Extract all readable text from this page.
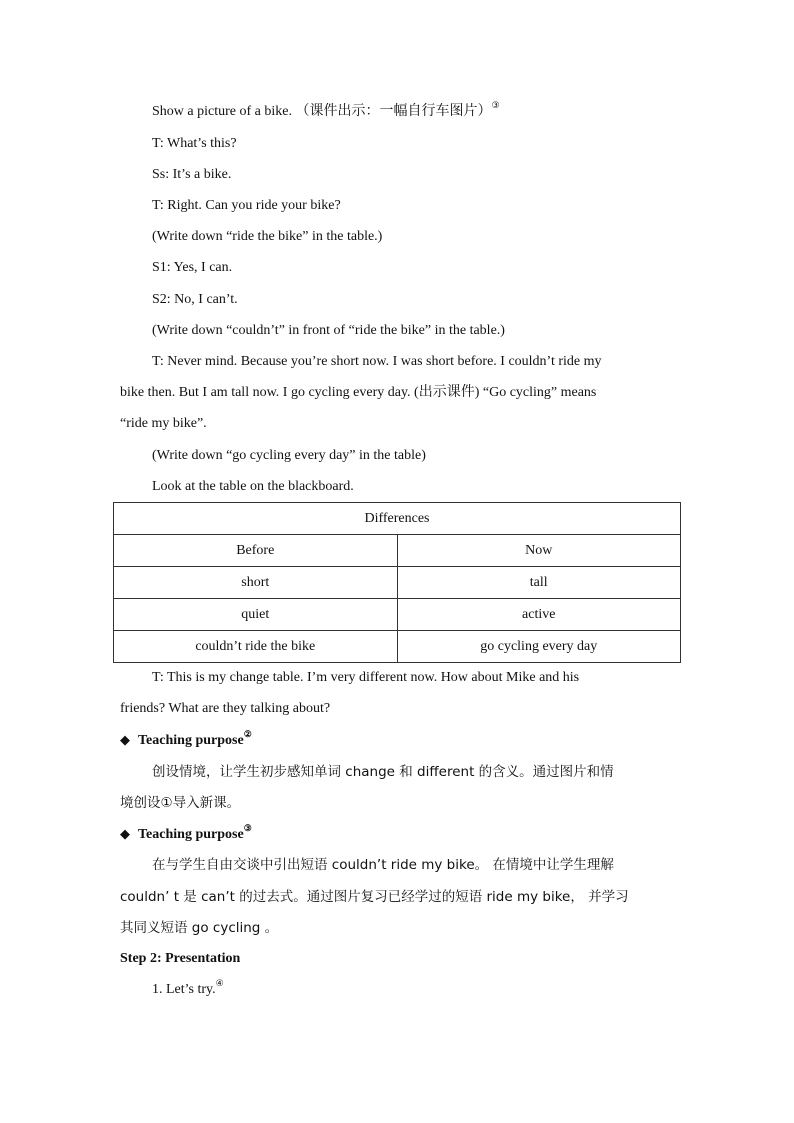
Show a picture of a bike. （课件出示：一幅自行车图片）③
T: What’s this?
Ss: It’s a bike.
T: Right. Can you ride your bike?
(Write down “ride the bike” in the table.)
S1: Yes, I can.
S2: No, I can’t.
(Write down “couldn’t” in front of “ride the bike” in the table.)
T: Never mind. Because you’re short now. I was short before. I couldn’t ride my
bike then. But I am tall now. I go cycling every day. (出示课件) “Go cycling” means
“ride my bike”.
(Write down “go cycling every day” in the table)
Look at the table on the blackboard.
Differences	
Before	Now
short	tall
quiet	active
couldn’t ride the bike	go cycling every day
T: This is my change table. I’m very different now. How about Mike and his
friends? What are they talking about?
◆ Teaching purpose②
创设情境，让学生初步感知单词 change 和 different 的含义。通过图片和情
境创设①导入新课。
◆ Teaching purpose③
在与学生自由交谈中引出短语 couldn’t ride my bike。 在情境中让学生理解
couldn’ t 是 can’t 的过去式。通过图片复习已经学过的短语 ride my bike， 并学习
其同义短语 go cycling 。
Step 2: Presentation
1. Let’s try.④
